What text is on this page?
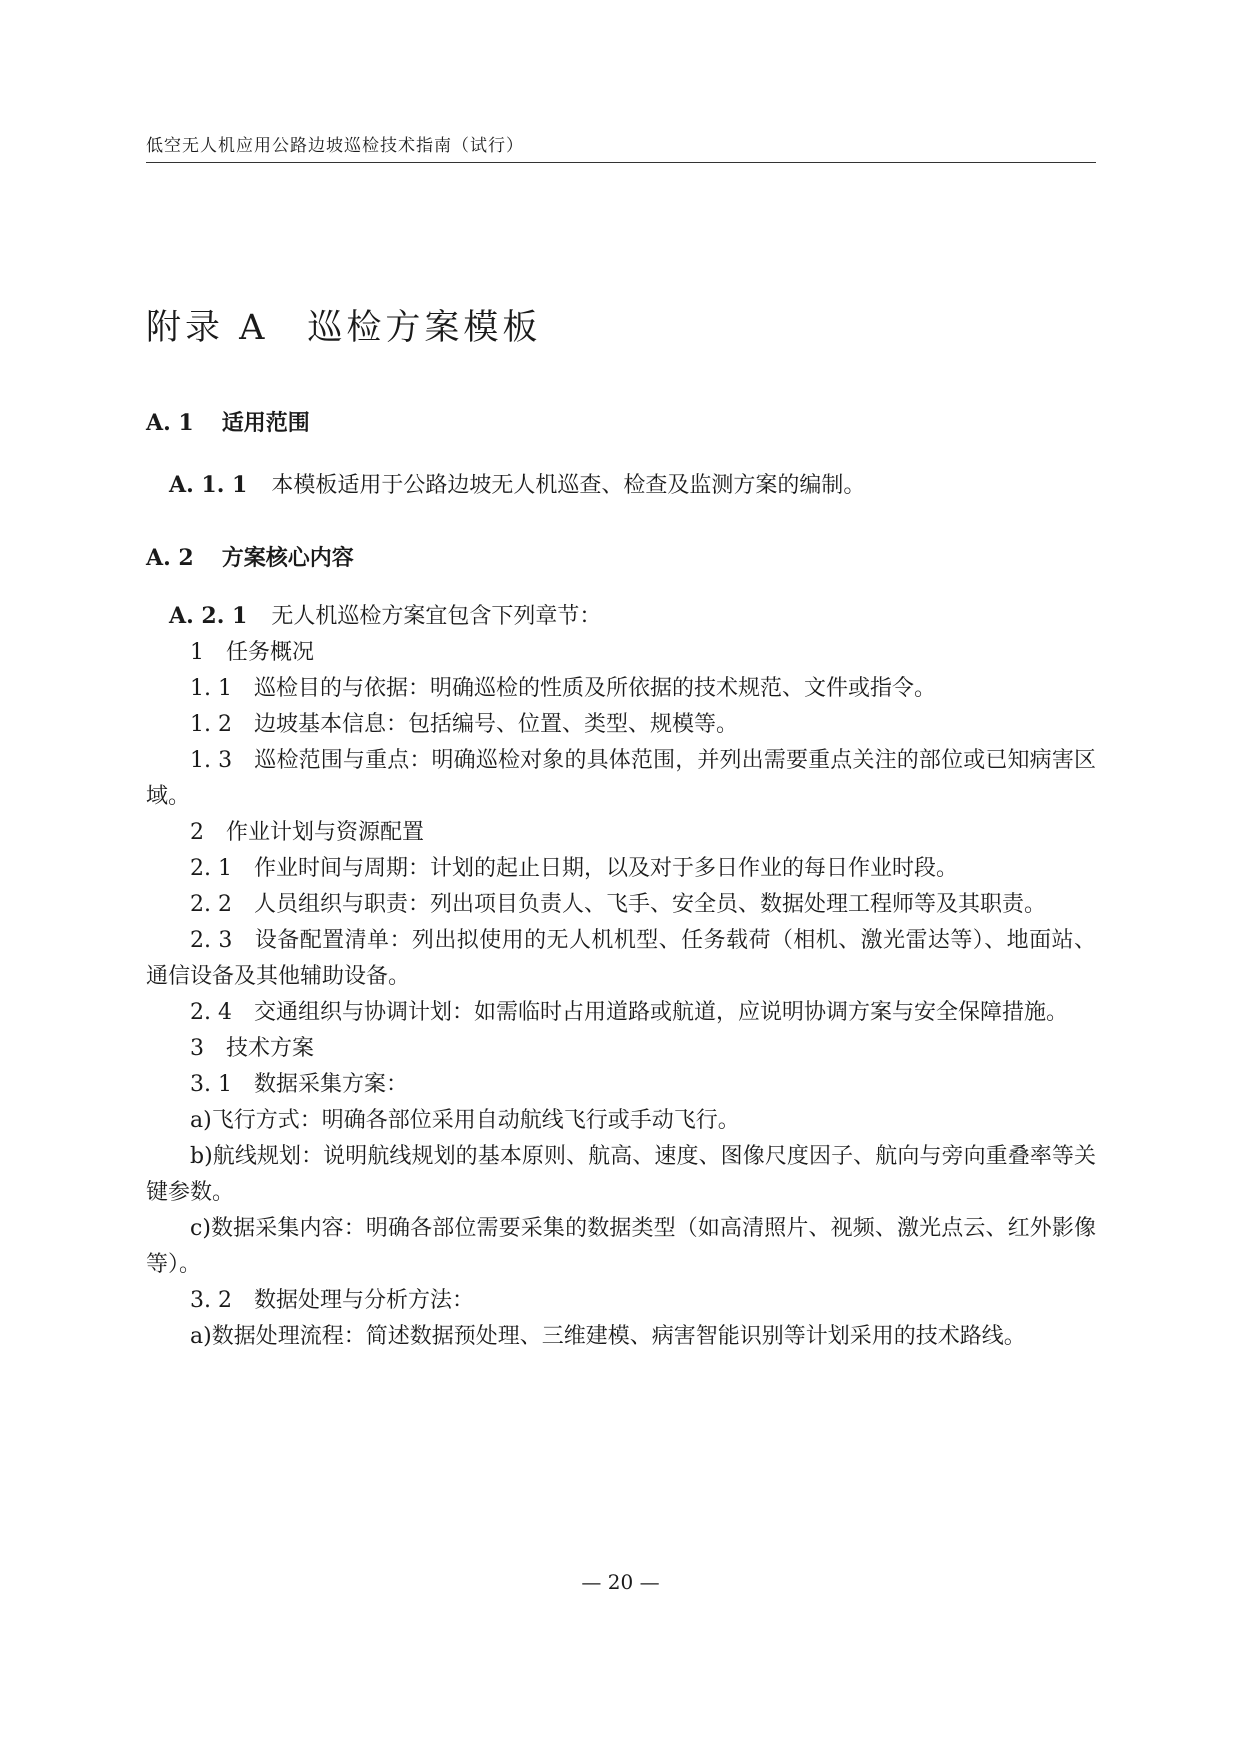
低空无人机应用公路边坡巡检技术指南（试行）
附录 A　巡检方案模板
A. 1 适用范围

A. 1. 1 本模板适用于公路边坡无人机巡查、检查及监测方案的编制。

A. 2 方案核心内容

A. 2. 1 无人机巡检方案宜包含下列章节：

1 任务概况

1. 1 巡检目的与依据：明确巡检的性质及所依据的技术规范、文件或指令。

1. 2 边坡基本信息：包括编号、位置、类型、规模等。

1. 3 巡检范围与重点：明确巡检对象的具体范围，并列出需要重点关注的部位或已知病害区域。

2 作业计划与资源配置

2. 1 作业时间与周期：计划的起止日期，以及对于多日作业的每日作业时段。

2. 2 人员组织与职责：列出项目负责人、飞手、安全员、数据处理工程师等及其职责。

2. 3 设备配置清单：列出拟使用的无人机机型、任务载荷（相机、激光雷达等）、地面站、通信设备及其他辅助设备。

2. 4 交通组织与协调计划：如需临时占用道路或航道，应说明协调方案与安全保障措施。

3 技术方案

3. 1 数据采集方案：

a)飞行方式：明确各部位采用自动航线飞行或手动飞行。

b)航线规划：说明航线规划的基本原则、航高、速度、图像尺度因子、航向与旁向重叠率等关键参数。

c)数据采集内容：明确各部位需要采集的数据类型（如高清照片、视频、激光点云、红外影像等）。

3. 2 数据处理与分析方法：

a)数据处理流程：简述数据预处理、三维建模、病害智能识别等计划采用的技术路线。

— 20 —
